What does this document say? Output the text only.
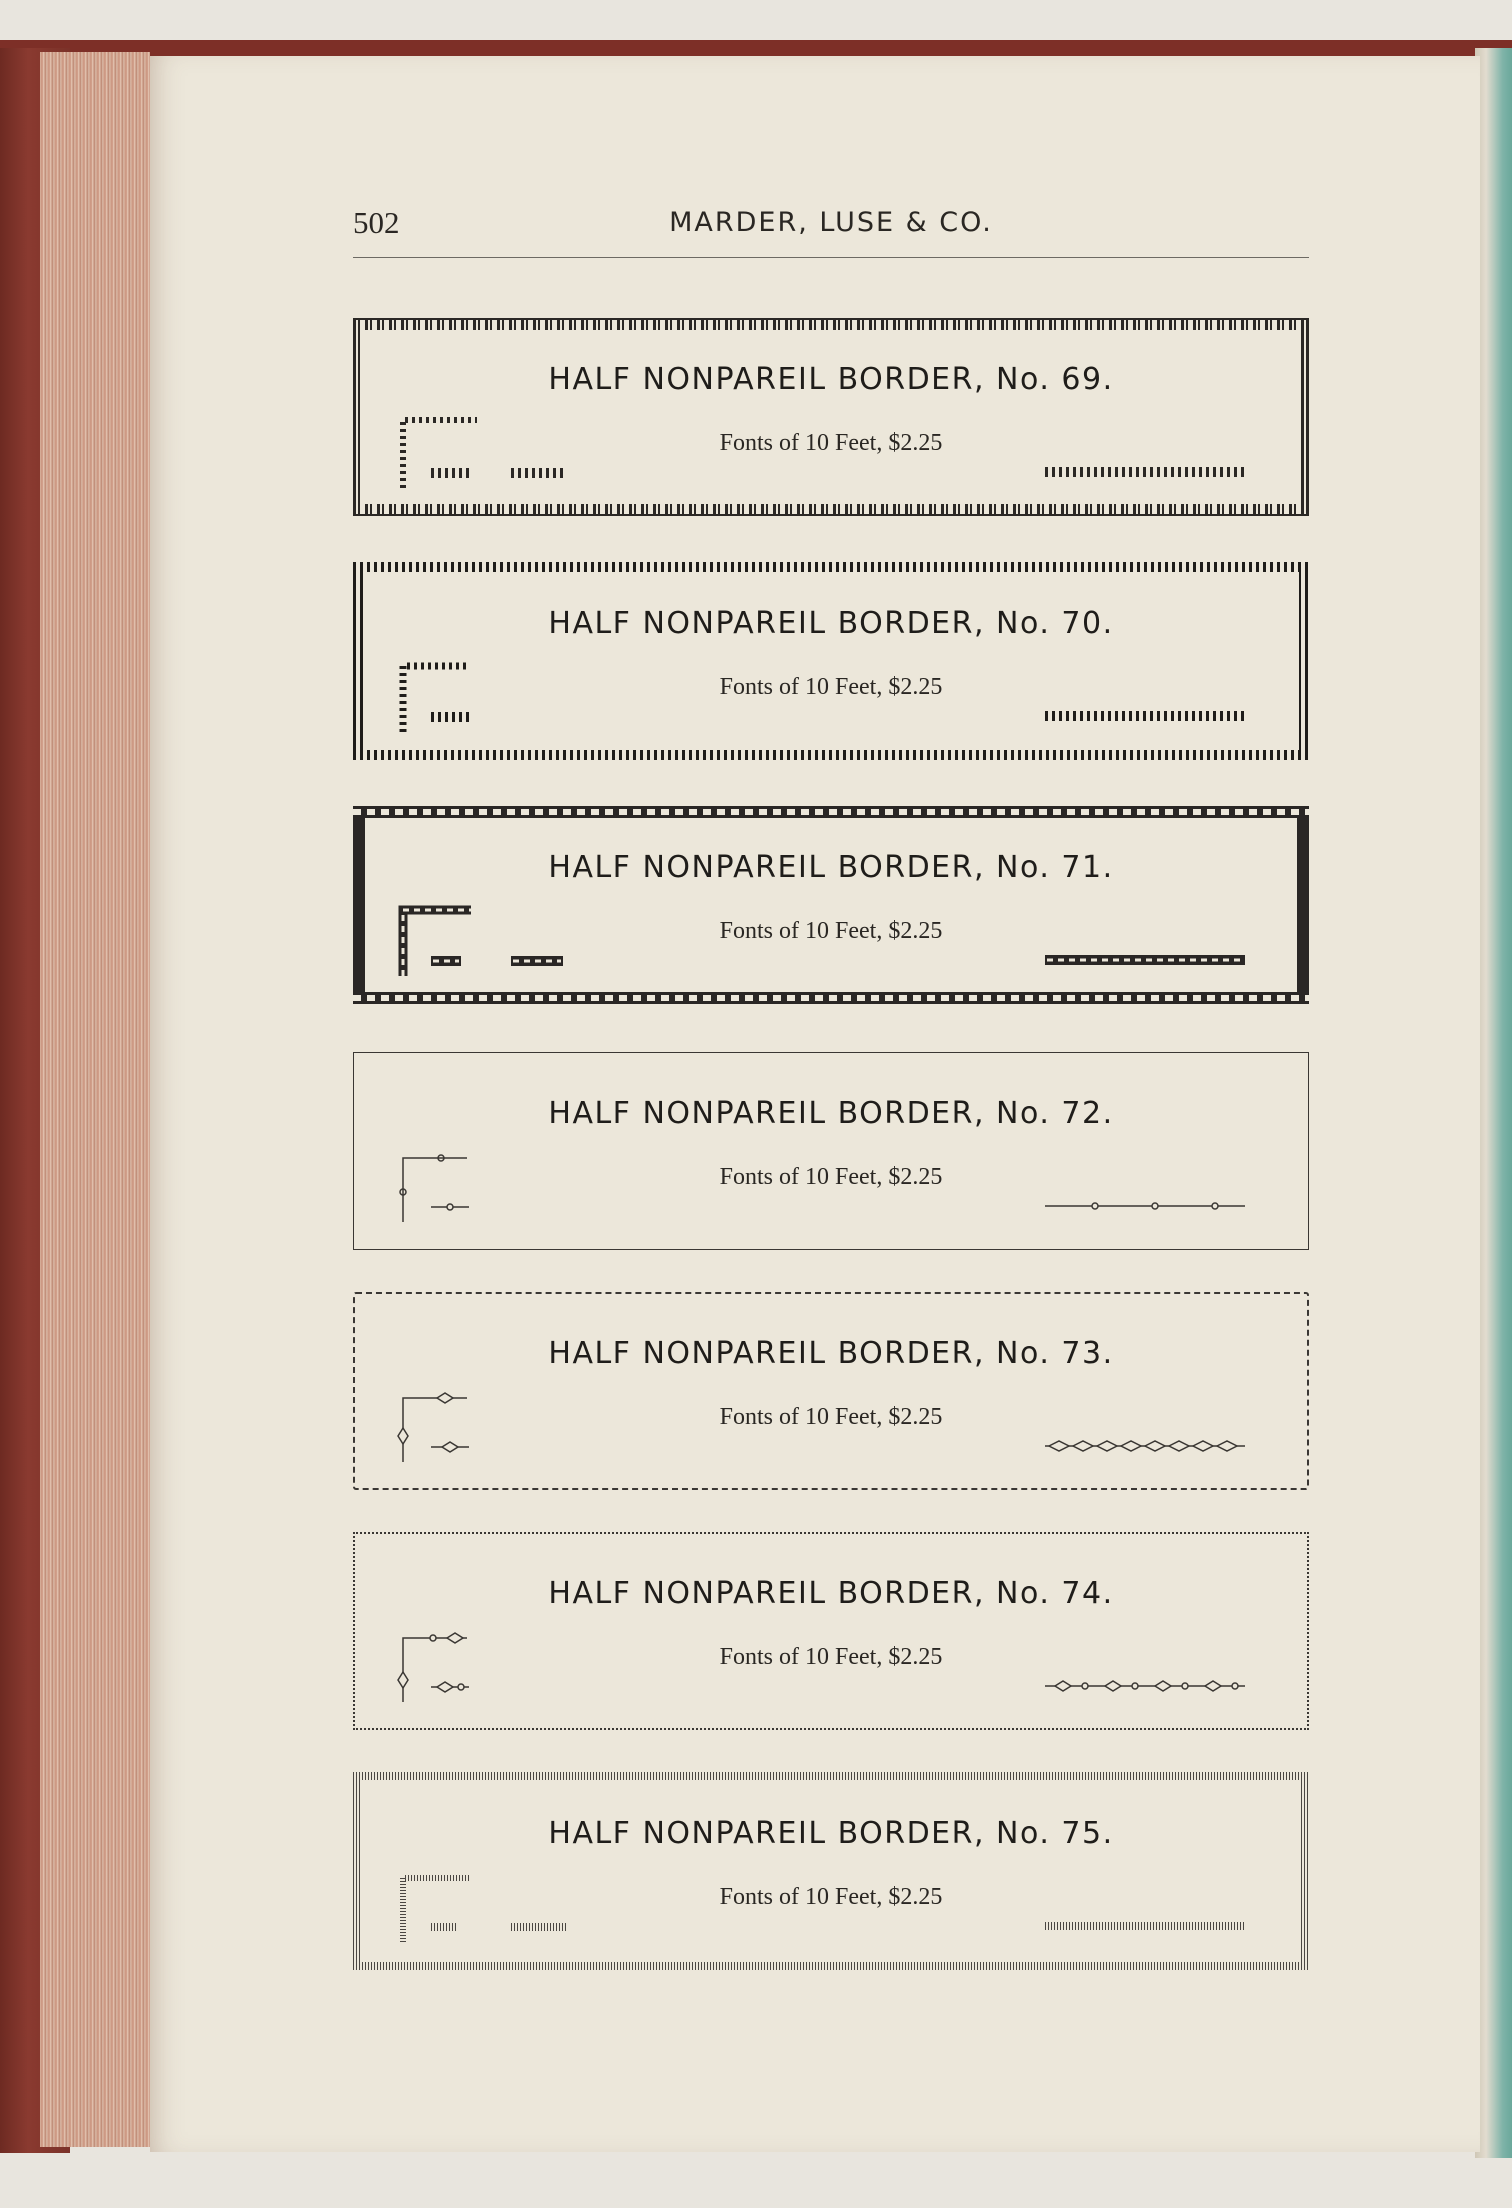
502	MARDER, LUSE & CO.
HALF NONPAREIL BORDER, No. 69.
Fonts of 10 Feet, $2.25
HALF NONPAREIL BORDER, No. 70.
Fonts of 10 Feet, $2.25
HALF NONPAREIL BORDER, No. 71.
Fonts of 10 Feet, $2.25
HALF NONPAREIL BORDER, No. 72.
Fonts of 10 Feet, $2.25
HALF NONPAREIL BORDER, No. 73.
Fonts of 10 Feet, $2.25
HALF NONPAREIL BORDER, No. 74.
Fonts of 10 Feet, $2.25
HALF NONPAREIL BORDER, No. 75.
Fonts of 10 Feet, $2.25
